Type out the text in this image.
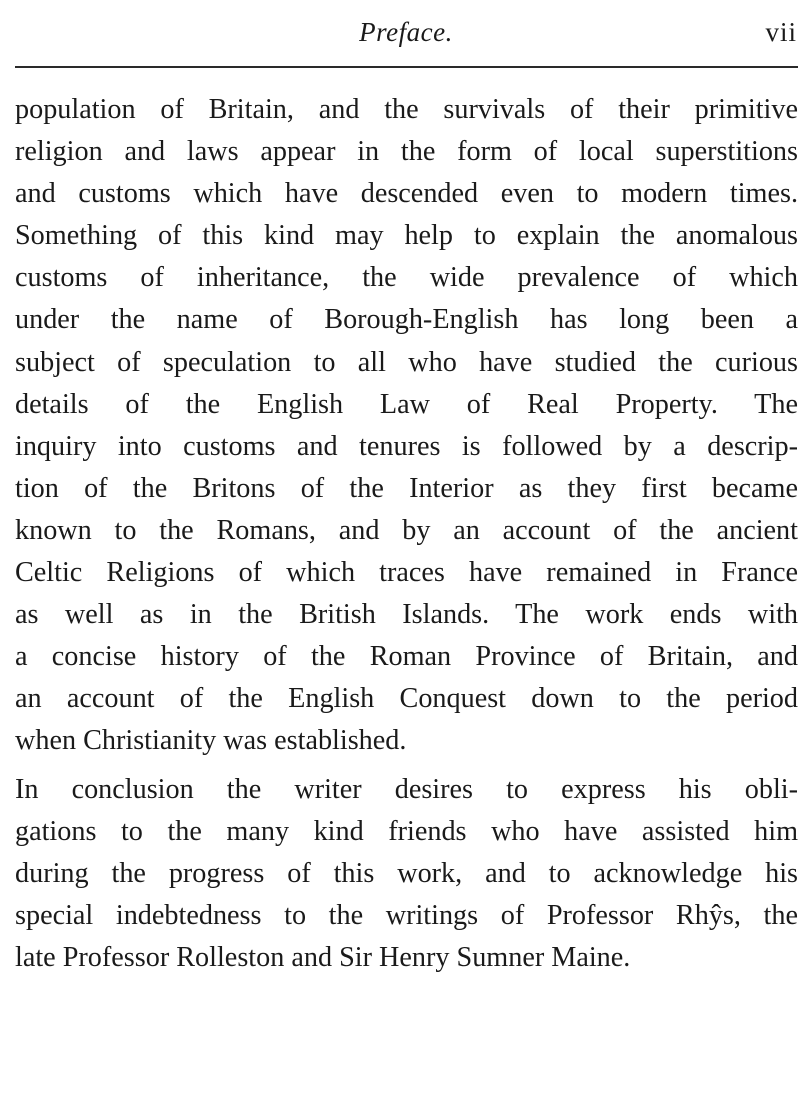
Preface.	vii
population of Britain, and the survivals of their primitive
religion and laws appear in the form of local superstitions
and customs which have descended even to modern times.
Something of this kind may help to explain the anomalous
customs of inheritance, the wide prevalence of which
under the name of Borough-English has long been a
subject of speculation to all who have studied the curious
details of the English Law of Real Property. The
inquiry into customs and tenures is followed by a descrip-
tion of the Britons of the Interior as they first became
known to the Romans, and by an account of the ancient
Celtic Religions of which traces have remained in France
as well as in the British Islands. The work ends with
a concise history of the Roman Province of Britain, and
an account of the English Conquest down to the period
when Christianity was established.
In conclusion the writer desires to express his obli-
gations to the many kind friends who have assisted him
during the progress of this work, and to acknowledge his
special indebtedness to the writings of Professor Rhŷs, the
late Professor Rolleston and Sir Henry Sumner Maine.
